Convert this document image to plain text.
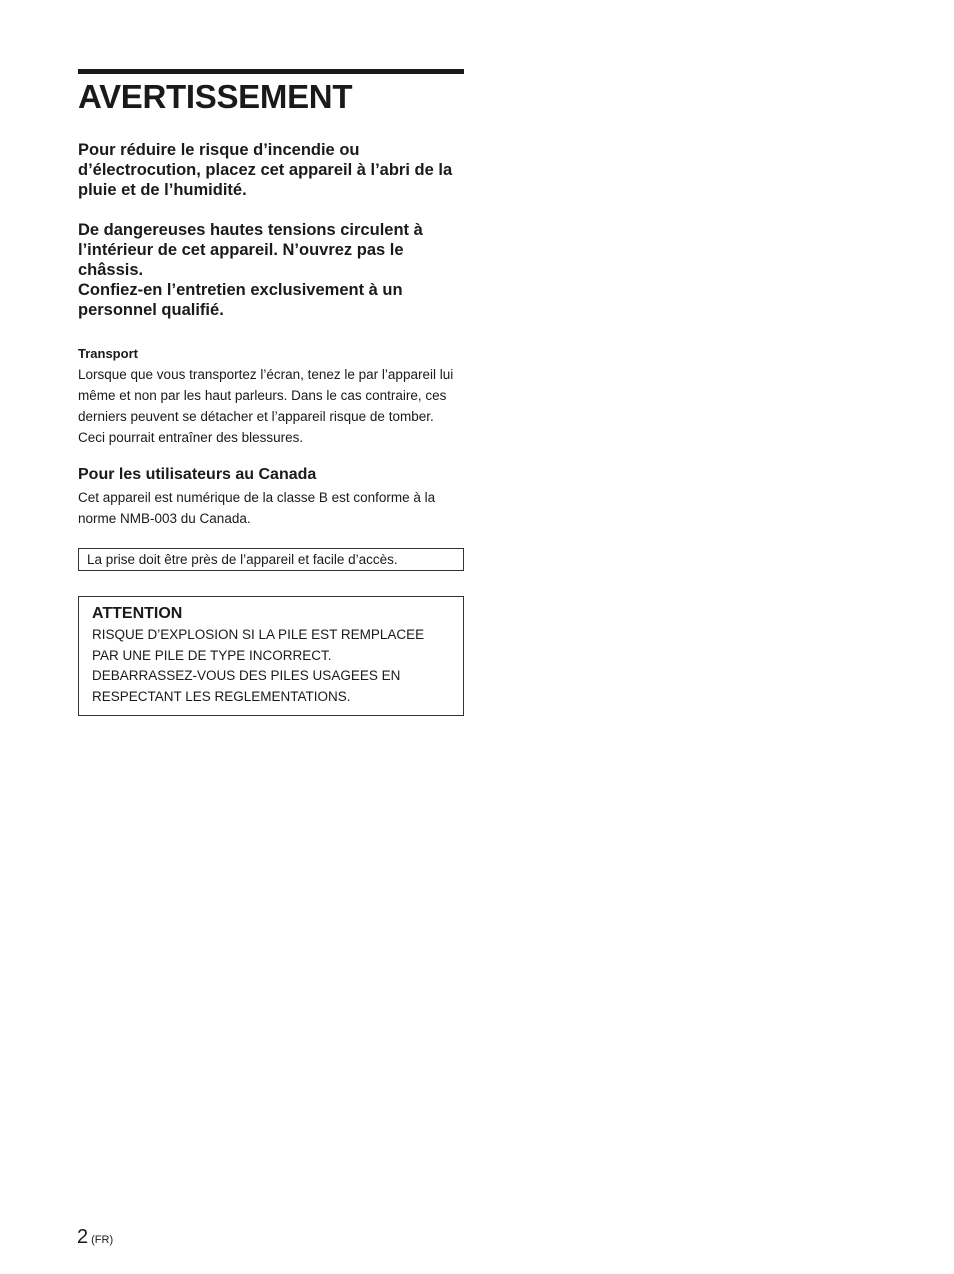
AVERTISSEMENT

Pour réduire le risque d’incendie ou d’électrocution, placez cet appareil à l’abri de la pluie et de l’humidité.

De dangereuses hautes tensions circulent à l’intérieur de cet appareil. N’ouvrez pas le châssis.

Confiez-en l’entretien exclusivement à un personnel qualifié.

Transport

Lorsque que vous transportez l’écran, tenez le par l’appareil lui même et non par les haut parleurs. Dans le cas contraire, ces derniers peuvent se détacher et l’appareil risque de tomber. Ceci pourrait entraîner des blessures.

Pour les utilisateurs au Canada

Cet appareil est numérique de la classe B est conforme à la norme NMB-003 du Canada.

La prise doit être près de l’appareil et facile d’accès.
ATTENTION
RISQUE D’EXPLOSION SI LA PILE EST REMPLACEE
PAR UNE PILE DE TYPE INCORRECT.
DEBARRASSEZ-VOUS DES PILES USAGEES EN
RESPECTANT LES REGLEMENTATIONS.
2 (FR)
